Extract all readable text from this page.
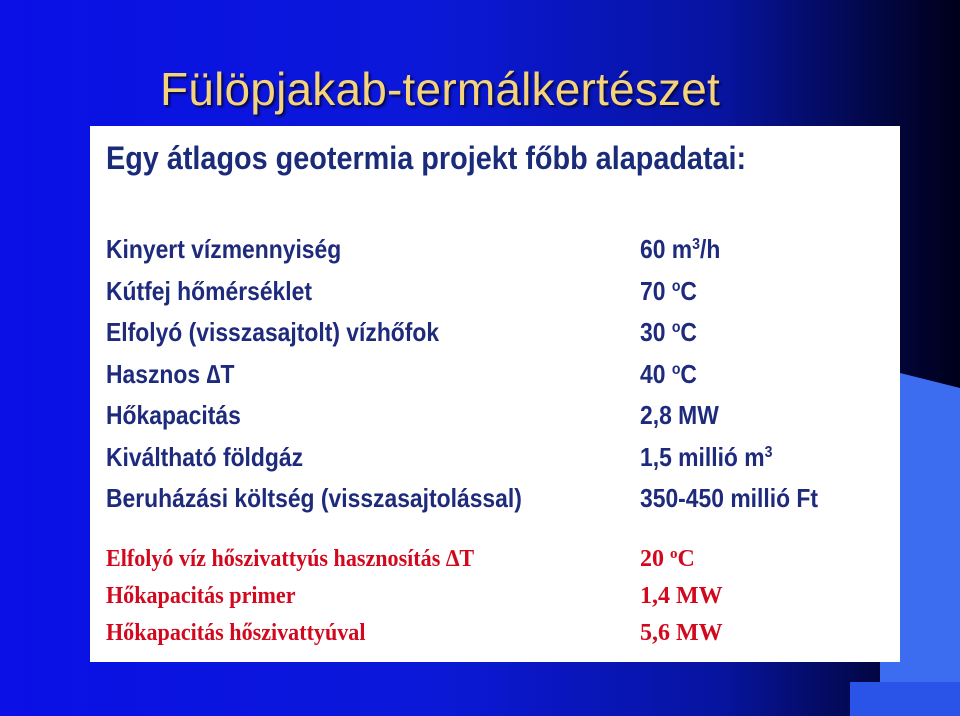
Fülöpjakab-termálkertészet
Egy átlagos geotermia projekt főbb alapadatai:
Kinyert vízmennyiség	60 $m^3/h$
Kútfej hőmérséklet	70 $^o$C
Elfolyó (visszasajtolt) vízhőfok	30 $^o$C
Hasznos ∆T	40 $^o$C
Hőkapacitás	2,8 MW
Kiváltható földgáz	1,5 millió $m^3$
Beruházási költség (visszasajtolással)	350-450 millió Ft
Elfolyó víz hőszivattyús hasznosítás ∆T	20 $^o$C
Hőkapacitás primer	1,4 MW
Hőkapacitás hőszivattyúval	5,6 MW
